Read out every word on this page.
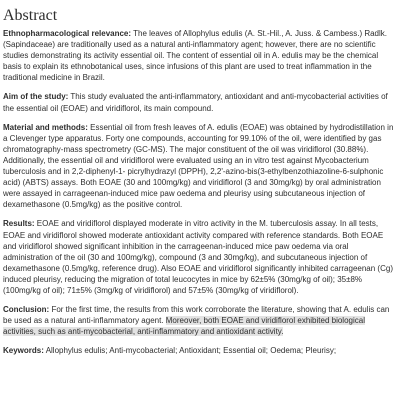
Abstract

Ethnopharmacological relevance: The leaves of Allophylus edulis (A. St.-Hil., A. Juss. & Cambess.) Radlk. (Sapindaceae) are traditionally used as a natural anti-inflammatory agent; however, there are no scientific studies demonstrating its activity essential oil. The content of essential oil in A. edulis may be the chemical basis to explain its ethnobotanical uses, since infusions of this plant are used to treat inflammation in the traditional medicine in Brazil.

Aim of the study: This study evaluated the anti-inflammatory, antioxidant and anti-mycobacterial activities of the essential oil (EOAE) and viridiflorol, its main compound.

Material and methods: Essential oil from fresh leaves of A. edulis (EOAE) was obtained by hydrodistillation in a Clevenger type apparatus. Forty one compounds, accounting for 99.10% of the oil, were identified by gas chromatography-mass spectrometry (GC-MS). The major constituent of the oil was viridiflorol (30.88%). Additionally, the essential oil and viridiflorol were evaluated using an in vitro test against Mycobacterium tuberculosis and in 2,2-diphenyl-1- picrylhydrazyl (DPPH), 2,2'-azino-bis(3-ethylbenzothiazoline-6-sulphonic acid) (ABTS) assays. Both EOAE (30 and 100mg/kg) and viridiflorol (3 and 30mg/kg) by oral administration were assayed in carrageenan-induced mice paw oedema and pleurisy using subcutaneous injection of dexamethasone (0.5mg/kg) as the positive control.

Results: EOAE and viridiflorol displayed moderate in vitro activity in the M. tuberculosis assay. In all tests, EOAE and viridiflorol showed moderate antioxidant activity compared with reference standards. Both EOAE and viridiflorol showed significant inhibition in the carrageenan-induced mice paw oedema via oral administration of the oil (30 and 100mg/kg), compound (3 and 30mg/kg), and subcutaneous injection of dexamethasone (0.5mg/kg, reference drug). Also EOAE and viridiflorol significantly inhibited carrageenan (Cg) induced pleurisy, reducing the migration of total leucocytes in mice by 62±5% (30mg/kg of oil); 35±8% (100mg/kg of oil); 71±5% (3mg/kg of viridiflorol) and 57±5% (30mg/kg of viridiflorol).

Conclusion: For the first time, the results from this work corroborate the literature, showing that A. edulis can be used as a natural anti-inflammatory agent. Moreover, both EOAE and viridiflorol exhibited biological activities, such as anti-mycobacterial, anti-inflammatory and antioxidant activity.

Keywords: Allophylus edulis; Anti-mycobacterial; Antioxidant; Essential oil; Oedema; Pleurisy;
